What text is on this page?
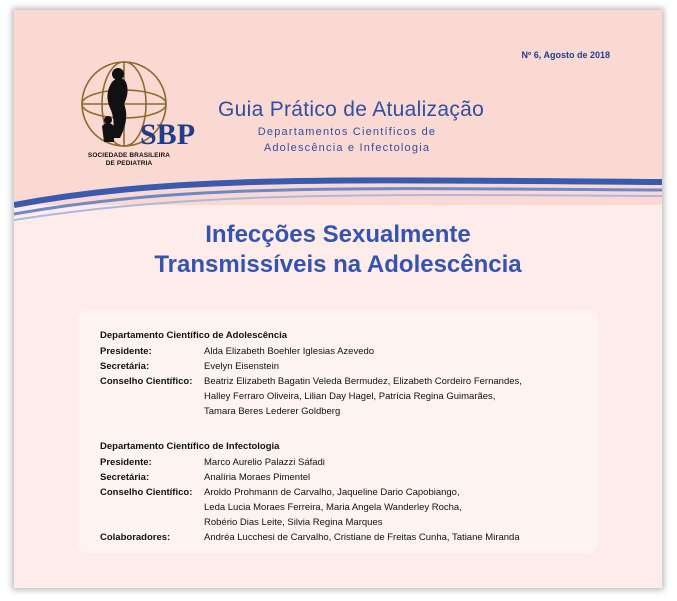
Nº 6, Agosto de 2018
SBP
SOCIEDADE BRASILEIRA
DE PEDIATRIA
Guia Prático de Atualização
Departamentos Científicos de
Adolescência e Infectologia
Infecções Sexualmente
Transmissíveis na Adolescência
Departamento Científico de Adolescência
Presidente:	Alda Elizabeth Boehler Iglesias Azevedo
Secretária:	Evelyn Eisenstein
Conselho Científico:	Beatriz Elizabeth Bagatin Veleda Bermudez, Elizabeth Cordeiro Fernandes,
Halley Ferraro Oliveira, Lilian Day Hagel, Patrícia Regina Guimarães,
Tamara Beres Lederer Goldberg
Departamento Científico de Infectologia
Presidente:	Marco Aurelio Palazzi Sáfadi
Secretária:	Analíria Moraes Pimentel
Conselho Científico:	Aroldo Prohmann de Carvalho, Jaqueline Dario Capobiango,
Leda Lucia Moraes Ferreira, Maria Angela Wanderley Rocha,
Robério Dias Leite, Silvia Regina Marques
Colaboradores:	Andréa Lucchesi de Carvalho, Cristiane de Freitas Cunha, Tatiane Miranda
